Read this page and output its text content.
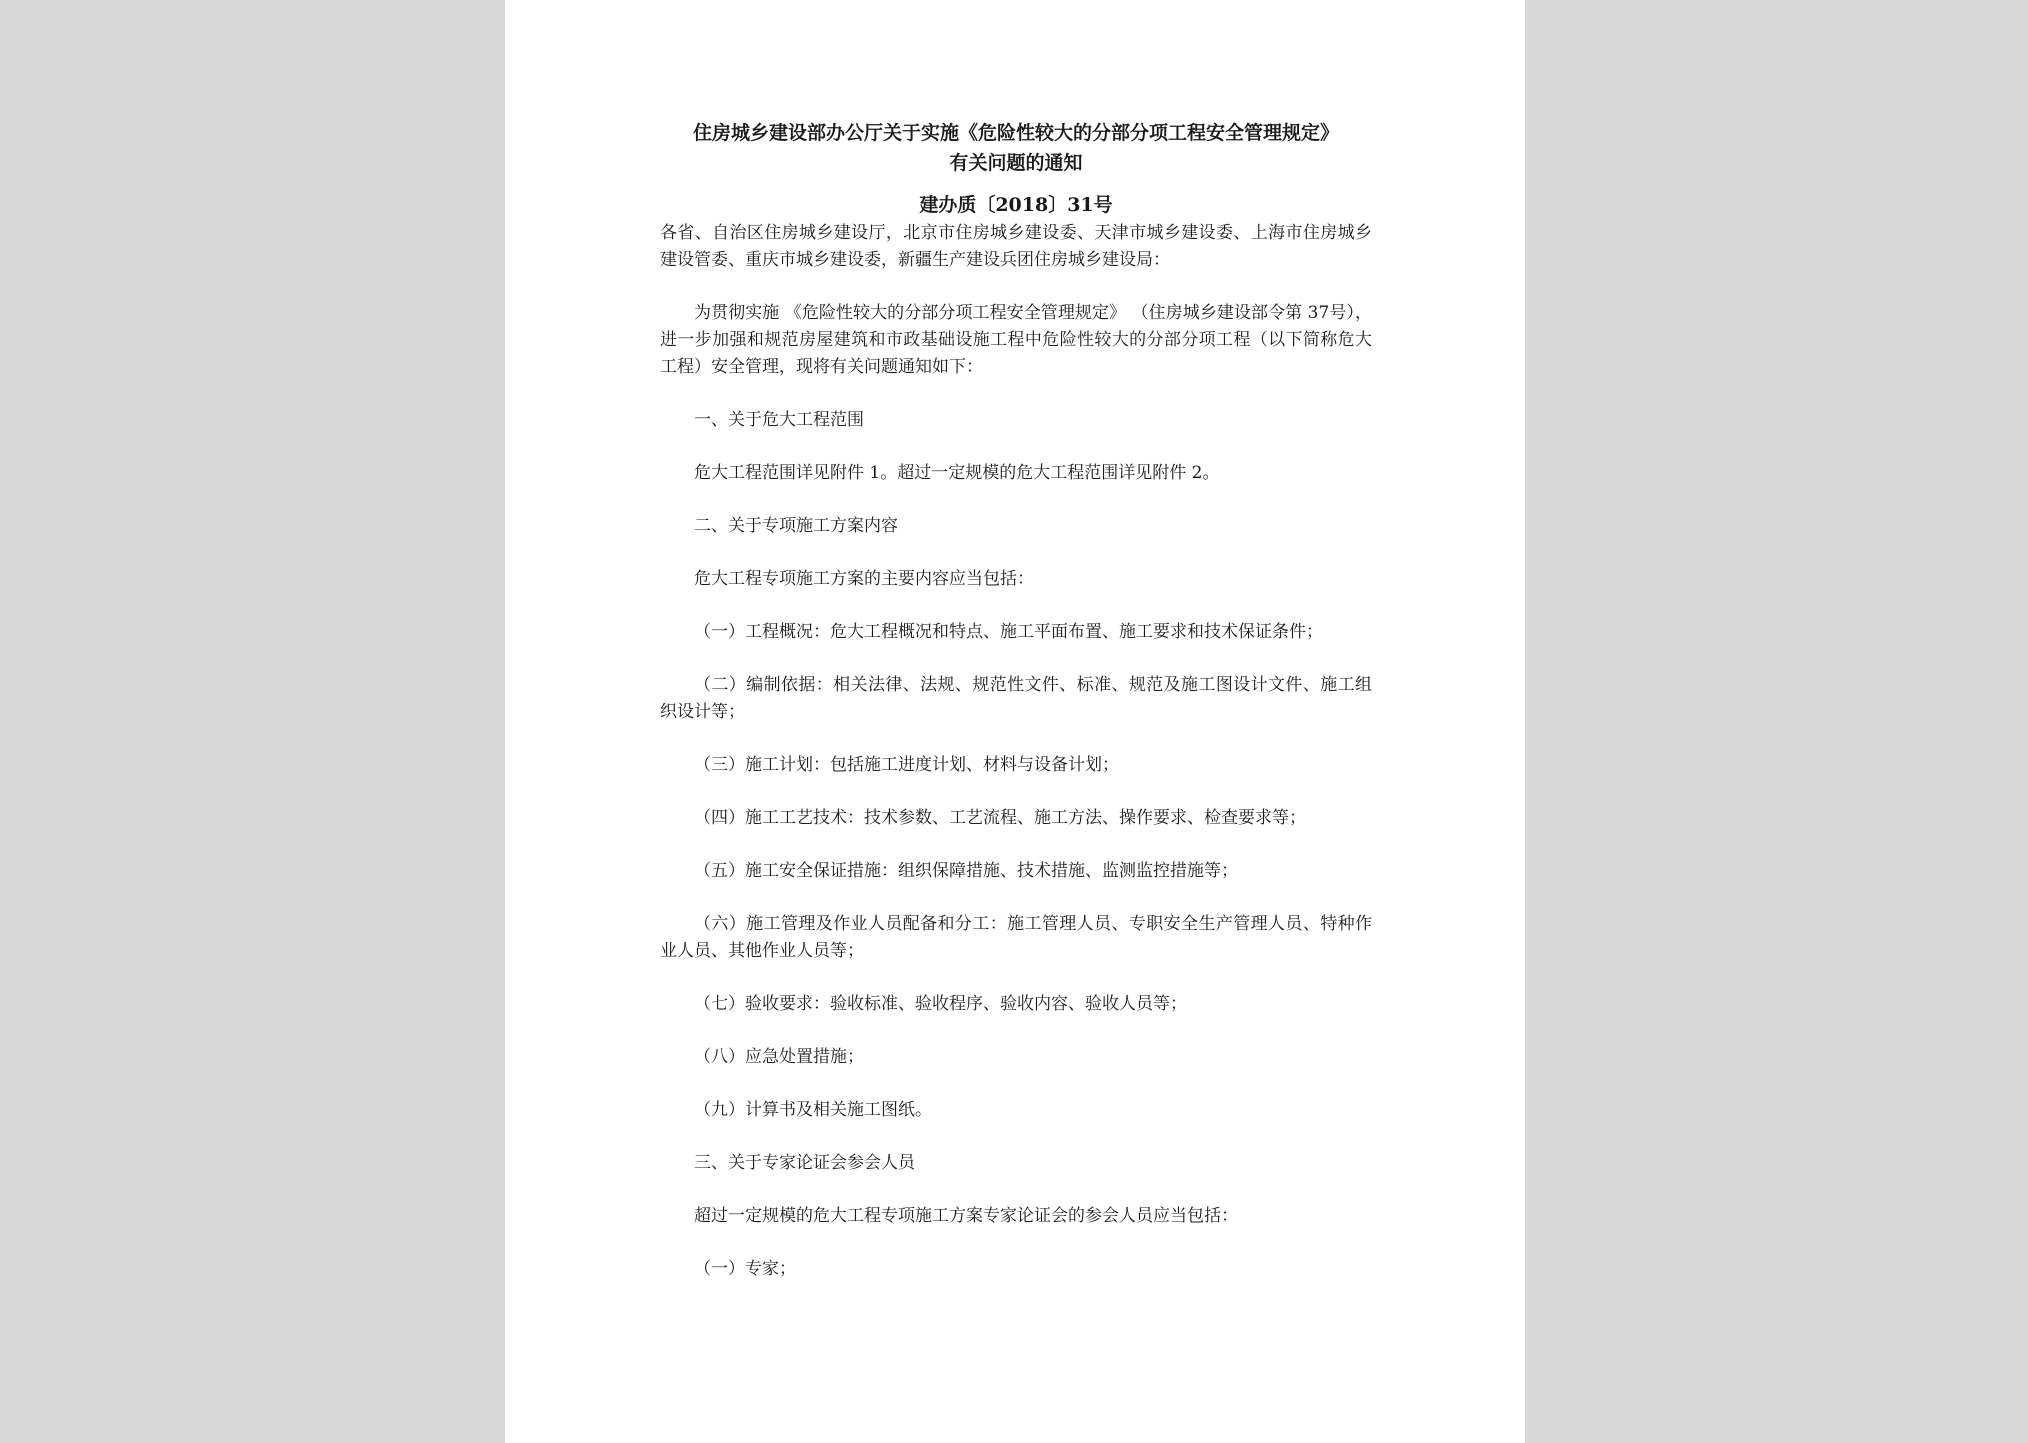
住房城乡建设部办公厅关于实施《危险性较大的分部分项工程安全管理规定》
有关问题的通知
建办质〔2018〕31号

各省、自治区住房城乡建设厅，北京市住房城乡建设委、天津市城乡建设委、上海市住房城乡建设管委、重庆市城乡建设委，新疆生产建设兵团住房城乡建设局：

为贯彻实施 《危险性较大的分部分项工程安全管理规定》 （住房城乡建设部令第 37号），进一步加强和规范房屋建筑和市政基础设施工程中危险性较大的分部分项工程（以下简称危大工程）安全管理，现将有关问题通知如下：

一、关于危大工程范围

危大工程范围详见附件 1。超过一定规模的危大工程范围详见附件 2。

二、关于专项施工方案内容

危大工程专项施工方案的主要内容应当包括：

（一）工程概况：危大工程概况和特点、施工平面布置、施工要求和技术保证条件；

（二）编制依据：相关法律、法规、规范性文件、标准、规范及施工图设计文件、施工组织设计等；

（三）施工计划：包括施工进度计划、材料与设备计划；

（四）施工工艺技术：技术参数、工艺流程、施工方法、操作要求、检查要求等；

（五）施工安全保证措施：组织保障措施、技术措施、监测监控措施等；

（六）施工管理及作业人员配备和分工：施工管理人员、专职安全生产管理人员、特种作业人员、其他作业人员等；

（七）验收要求：验收标准、验收程序、验收内容、验收人员等；

（八）应急处置措施；

（九）计算书及相关施工图纸。

三、关于专家论证会参会人员

超过一定规模的危大工程专项施工方案专家论证会的参会人员应当包括：

（一）专家；
